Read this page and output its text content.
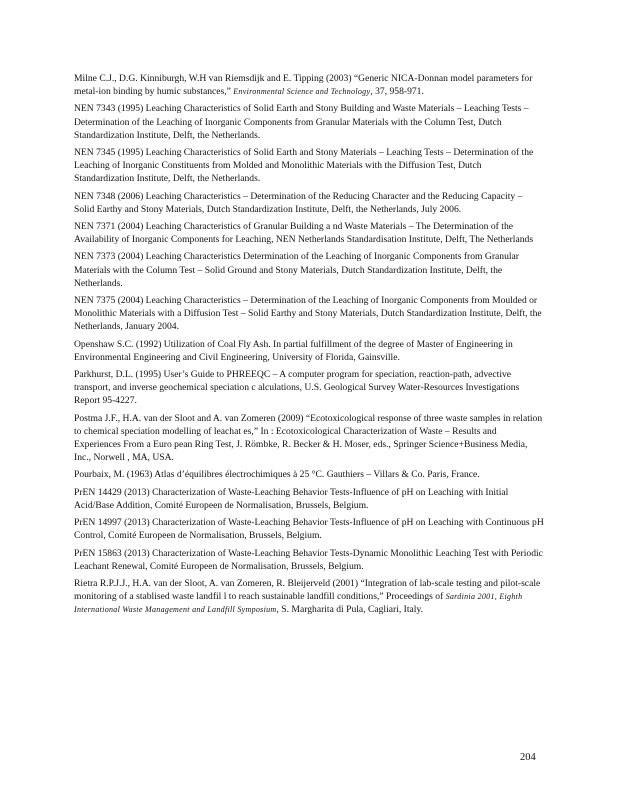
Milne C.J., D.G. Kinniburgh, W.H van Riemsdijk and E. Tipping (2003) “Generic NICA‐Donnan model parameters for metal‐ion binding by humic substances,” Environmental Science and Technology, 37, 958‐971.

NEN 7343 (1995) Leaching Characteristics of Solid Earth and Stony Building and Waste Materials – Leaching Tests – Determination of the Leaching of Inorganic Components from Granular Materials with the Column Test, Dutch Standardization Institute, Delft, the Netherlands.

NEN 7345 (1995) Leaching Characteristics of Solid Earth and Stony Materials – Leaching Tests – Determination of the Leaching of Inorganic Constituents from Molded and Monolithic Materials with the Diffusion Test, Dutch Standardization Institute, Delft, the Netherlands.

NEN 7348 (2006) Leaching Characteristics – Determination of the Reducing Character and the Reducing Capacity – Solid Earthy and Stony Materials, Dutch Standardization Institute, Delft, the Netherlands, July 2006.

NEN 7371 (2004) Leaching Characteristics of Granular Building a nd Waste Materials – The Determination of the Availability of Inorganic Components for Leaching, NEN Netherlands Standardisation Institute, Delft, The Netherlands

NEN 7373 (2004) Leaching Characteristics Determination of the Leaching of Inorganic Components from Granular Materials with the Column Test – Solid Ground and Stony Materials, Dutch Standardization Institute, Delft, the Netherlands.

NEN 7375 (2004) Leaching Characteristics – Determination of the Leaching of Inorganic Components from Moulded or Monolithic Materials with a Diffusion Test – Solid Earthy and Stony Materials, Dutch Standardization Institute, Delft, the Netherlands, January 2004.

Openshaw S.C. (1992) Utilization of Coal Fly Ash. In partial fulfillment of the degree of Master of Engineering in Environmental Engineering and Civil Engineering, University of Florida, Gainsville.

Parkhurst, D.L. (1995) User’s Guide to PHREEQC – A computer program for speciation, reaction‐path, advective transport, and inverse geochemical speciation c alculations, U.S. Geological Survey Water‐Resources Investigations Report 95‐4227.

Postma J.F., H.A. van der Sloot and A. van Zomeren (2009) “Ecotoxicological response of three waste samples in relation to chemical speciation modelling of leachat es,” In : Ecotoxicological Characterization of Waste – Results and Experiences From a Euro pean Ring Test, J. Römbke, R. Becker & H. Moser, eds., Springer Science+Business Media, Inc., Norwell , MA, USA.

Pourbaix, M. (1963) Atlas d’équilibres électrochimiques à 25 °C. Gauthiers – Villars & Co. Paris, France.

PrEN 14429 (2013) Characterization of Waste‐Leaching Behavior Tests‐Influence of pH on Leaching with Initial Acid/Base Addition, Comité Europeen de Normalisation, Brussels, Belgium.

PrEN 14997 (2013) Characterization of Waste‐Leaching Behavior Tests‐Influence of pH on Leaching with Continuous pH Control, Comité Europeen de Normalisation, Brussels, Belgium.

PrEN 15863 (2013) Characterization of Waste‐Leaching Behavior Tests‐Dynamic Monolithic Leaching Test with Periodic Leachant Renewal, Comité Europeen de Normalisation, Brussels, Belgium.

Rietra R.P.J.J., H.A. van der Sloot, A. van Zomeren, R. Bleijerveld (2001) “Integration of lab‐scale testing and pilot‐scale monitoring of a stablised waste landfil l to reach sustainable landfill conditions,” Proceedings of Sardinia 2001, Eighth International Waste Management and Landfill Symposium, S. Margharita di Pula, Cagliari, Italy.

204
